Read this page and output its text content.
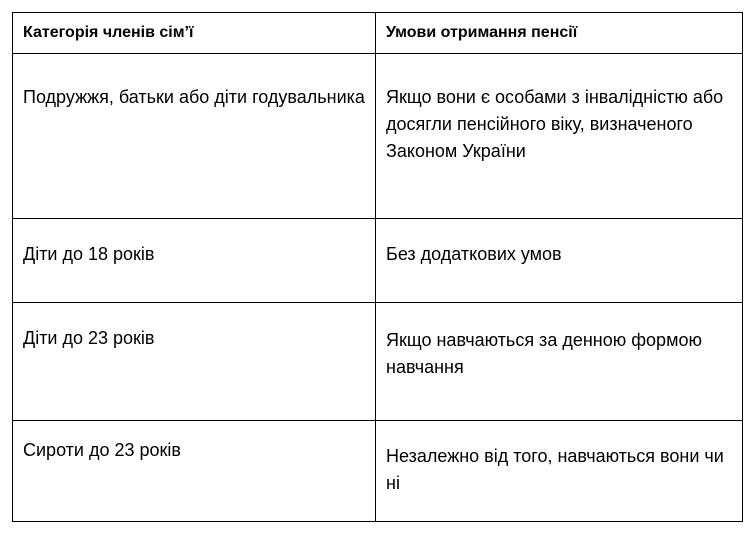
Категорія членів сім’ї	Умови отримання пенсії
Подружжя, батьки або діти годувальника	Якщо вони є особами з інвалідністю або досягли пенсійного віку, визначеного Законом України
Діти до 18 років	Без додаткових умов
Діти до 23 років	Якщо навчаються за денною формою навчання
Сироти до 23 років	Незалежно від того, навчаються вони чи ні
